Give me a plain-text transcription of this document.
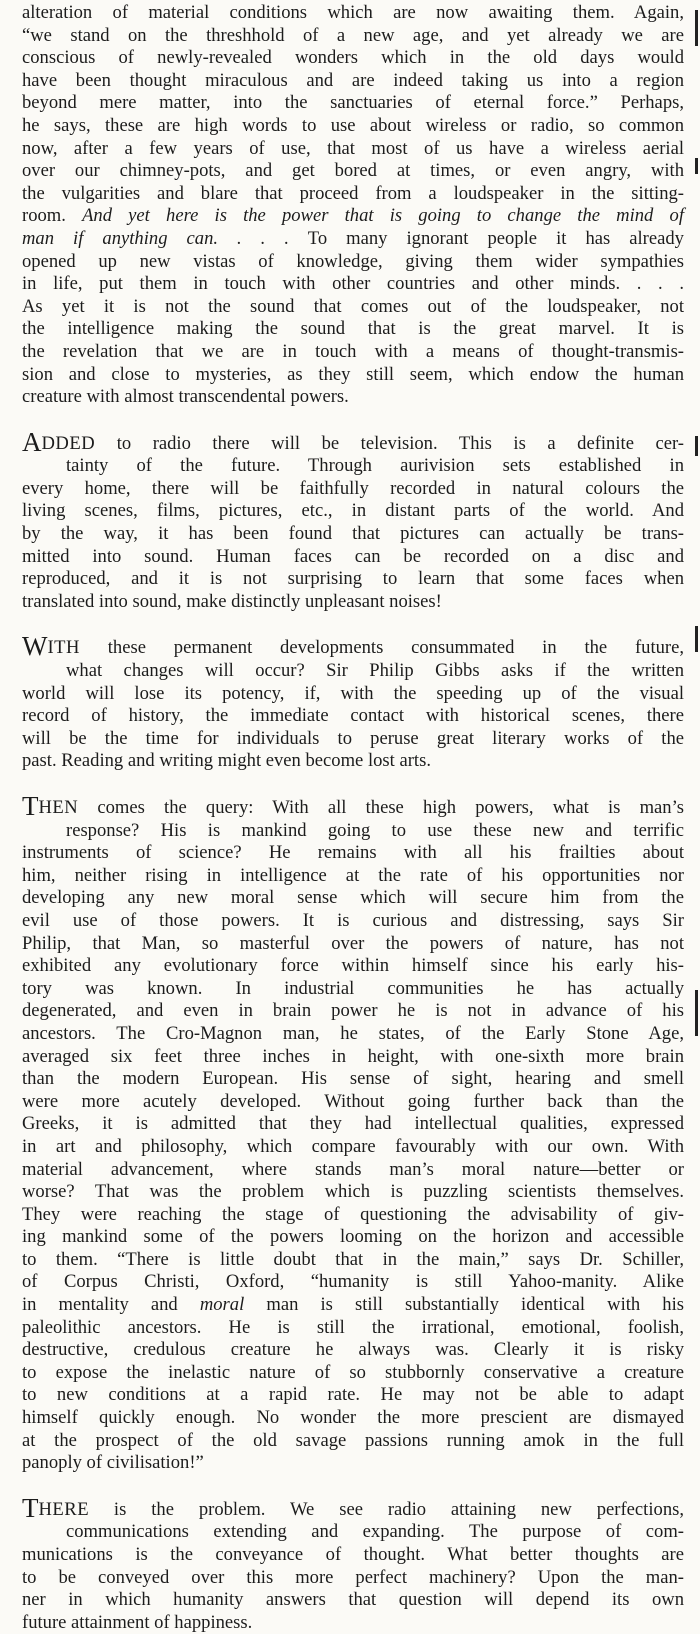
alteration of material conditions which are now awaiting them. Again,
“we stand on the threshhold of a new age, and yet already we are
conscious of newly-revealed wonders which in the old days would
have been thought miraculous and are indeed taking us into a region
beyond mere matter, into the sanctuaries of eternal force.” Perhaps,
he says, these are high words to use about wireless or radio, so common
now, after a few years of use, that most of us have a wireless aerial
over our chimney-pots, and get bored at times, or even angry, with
the vulgarities and blare that proceed from a loudspeaker in the sitting-
room. And yet here is the power that is going to change the mind of
man if anything can. . . . To many ignorant people it has already
opened up new vistas of knowledge, giving them wider sympathies
in life, put them in touch with other countries and other minds. . . .
As yet it is not the sound that comes out of the loudspeaker, not
the intelligence making the sound that is the great marvel. It is
the revelation that we are in touch with a means of thought-transmis-
sion and close to mysteries, as they still seem, which endow the human
creature with almost transcendental powers.
ADDED to radio there will be television. This is a definite cer-
tainty of the future. Through aurivision sets established in
every home, there will be faithfully recorded in natural colours the
living scenes, films, pictures, etc., in distant parts of the world. And
by the way, it has been found that pictures can actually be trans-
mitted into sound. Human faces can be recorded on a disc and
reproduced, and it is not surprising to learn that some faces when
translated into sound, make distinctly unpleasant noises!
WITH these permanent developments consummated in the future,
what changes will occur? Sir Philip Gibbs asks if the written
world will lose its potency, if, with the speeding up of the visual
record of history, the immediate contact with historical scenes, there
will be the time for individuals to peruse great literary works of the
past. Reading and writing might even become lost arts.
THEN comes the query: With all these high powers, what is man’s
response? His is mankind going to use these new and terrific
instruments of science? He remains with all his frailties about
him, neither rising in intelligence at the rate of his opportunities nor
developing any new moral sense which will secure him from the
evil use of those powers. It is curious and distressing, says Sir
Philip, that Man, so masterful over the powers of nature, has not
exhibited any evolutionary force within himself since his early his-
tory was known. In industrial communities he has actually
degenerated, and even in brain power he is not in advance of his
ancestors. The Cro-Magnon man, he states, of the Early Stone Age,
averaged six feet three inches in height, with one-sixth more brain
than the modern European. His sense of sight, hearing and smell
were more acutely developed. Without going further back than the
Greeks, it is admitted that they had intellectual qualities, expressed
in art and philosophy, which compare favourably with our own. With
material advancement, where stands man’s moral nature—better or
worse? That was the problem which is puzzling scientists themselves.
They were reaching the stage of questioning the advisability of giv-
ing mankind some of the powers looming on the horizon and accessible
to them. “There is little doubt that in the main,” says Dr. Schiller,
of Corpus Christi, Oxford, “humanity is still Yahoo-manity. Alike
in mentality and moral man is still substantially identical with his
paleolithic ancestors. He is still the irrational, emotional, foolish,
destructive, credulous creature he always was. Clearly it is risky
to expose the inelastic nature of so stubbornly conservative a creature
to new conditions at a rapid rate. He may not be able to adapt
himself quickly enough. No wonder the more prescient are dismayed
at the prospect of the old savage passions running amok in the full
panoply of civilisation!”
THERE is the problem. We see radio attaining new perfections,
communications extending and expanding. The purpose of com-
munications is the conveyance of thought. What better thoughts are
to be conveyed over this more perfect machinery? Upon the man-
ner in which humanity answers that question will depend its own
future attainment of happiness.
